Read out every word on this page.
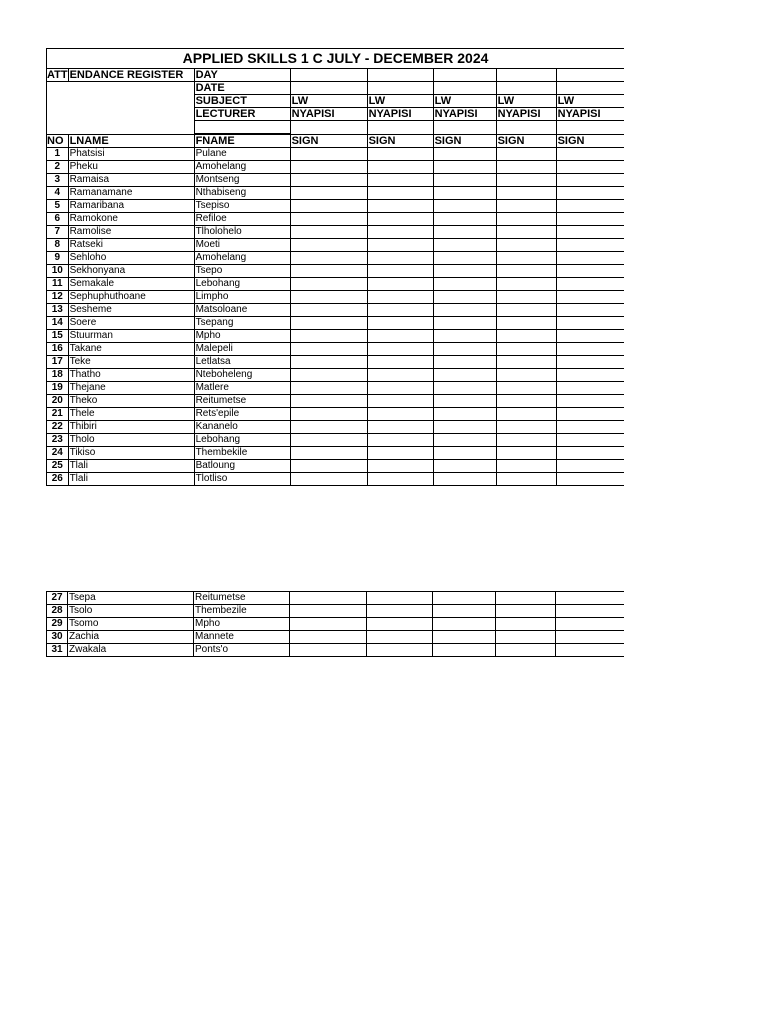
APPLIED SKILLS 1 C JULY - DECEMBER 2024							
ATT	ENDANCE REGISTER	DAY					
		DATE					
		SUBJECT	LW	LW	LW	LW	LW
		LECTURER	NYAPISI	NYAPISI	NYAPISI	NYAPISI	NYAPISI

NO	LNAME	FNAME	SIGN	SIGN	SIGN	SIGN	SIGN
1	Phatsisi	Pulane					
2	Pheku	Amohelang					
3	Ramaisa	Montseng					
4	Ramanamane	Nthabiseng					
5	Ramaribana	Tsepiso					
6	Ramokone	Refiloe					
7	Ramolise	Tlholohelo					
8	Ratseki	Moeti					
9	Sehloho	Amohelang					
10	Sekhonyana	Tsepo					
11	Semakale	Lebohang					
12	Sephuphuthoane	Limpho					
13	Sesheme	Matsoloane					
14	Soere	Tsepang					
15	Stuurman	Mpho					
16	Takane	Malepeli					
17	Teke	Letlatsa					
18	Thatho	Nteboheleng					
19	Thejane	Matlere					
20	Theko	Reitumetse					
21	Thele	Rets'epile					
22	Thibiri	Kananelo					
23	Tholo	Lebohang					
24	Tikiso	Thembekile					
25	Tlali	Batloung					
26	Tlali	Tlotliso					
27	Tsepa	Reitumetse					
28	Tsolo	Thembezile					
29	Tsomo	Mpho					
30	Zachia	Mannete					
31	Zwakala	Ponts'o					
